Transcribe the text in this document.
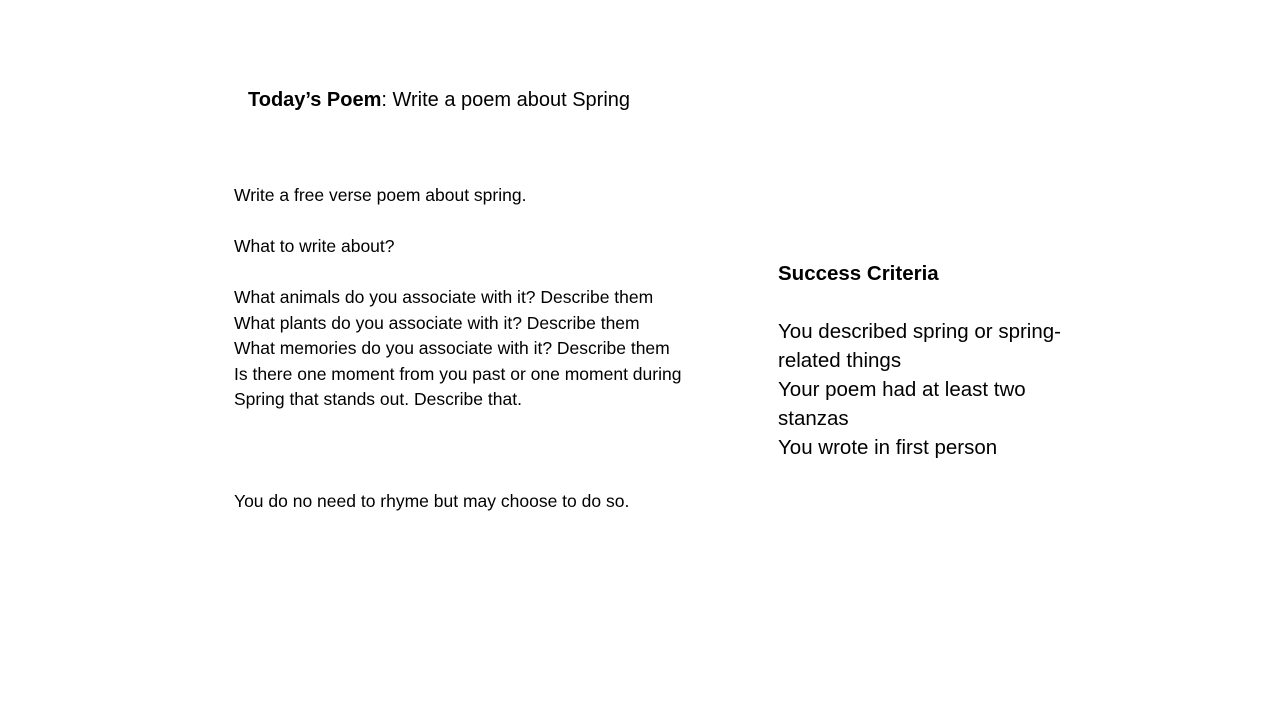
Today’s Poem: Write a poem about Spring

Write a free verse poem about spring.

What to write about?

What animals do you associate with it? Describe them

What plants do you associate with it? Describe them

What memories do you associate with it? Describe them

Is there one moment from you past or one moment during Spring that stands out. Describe that.

You do no need to rhyme but may choose to do so.

Success Criteria

You described spring or spring-related things

Your poem had at least two stanzas

You wrote in first person
